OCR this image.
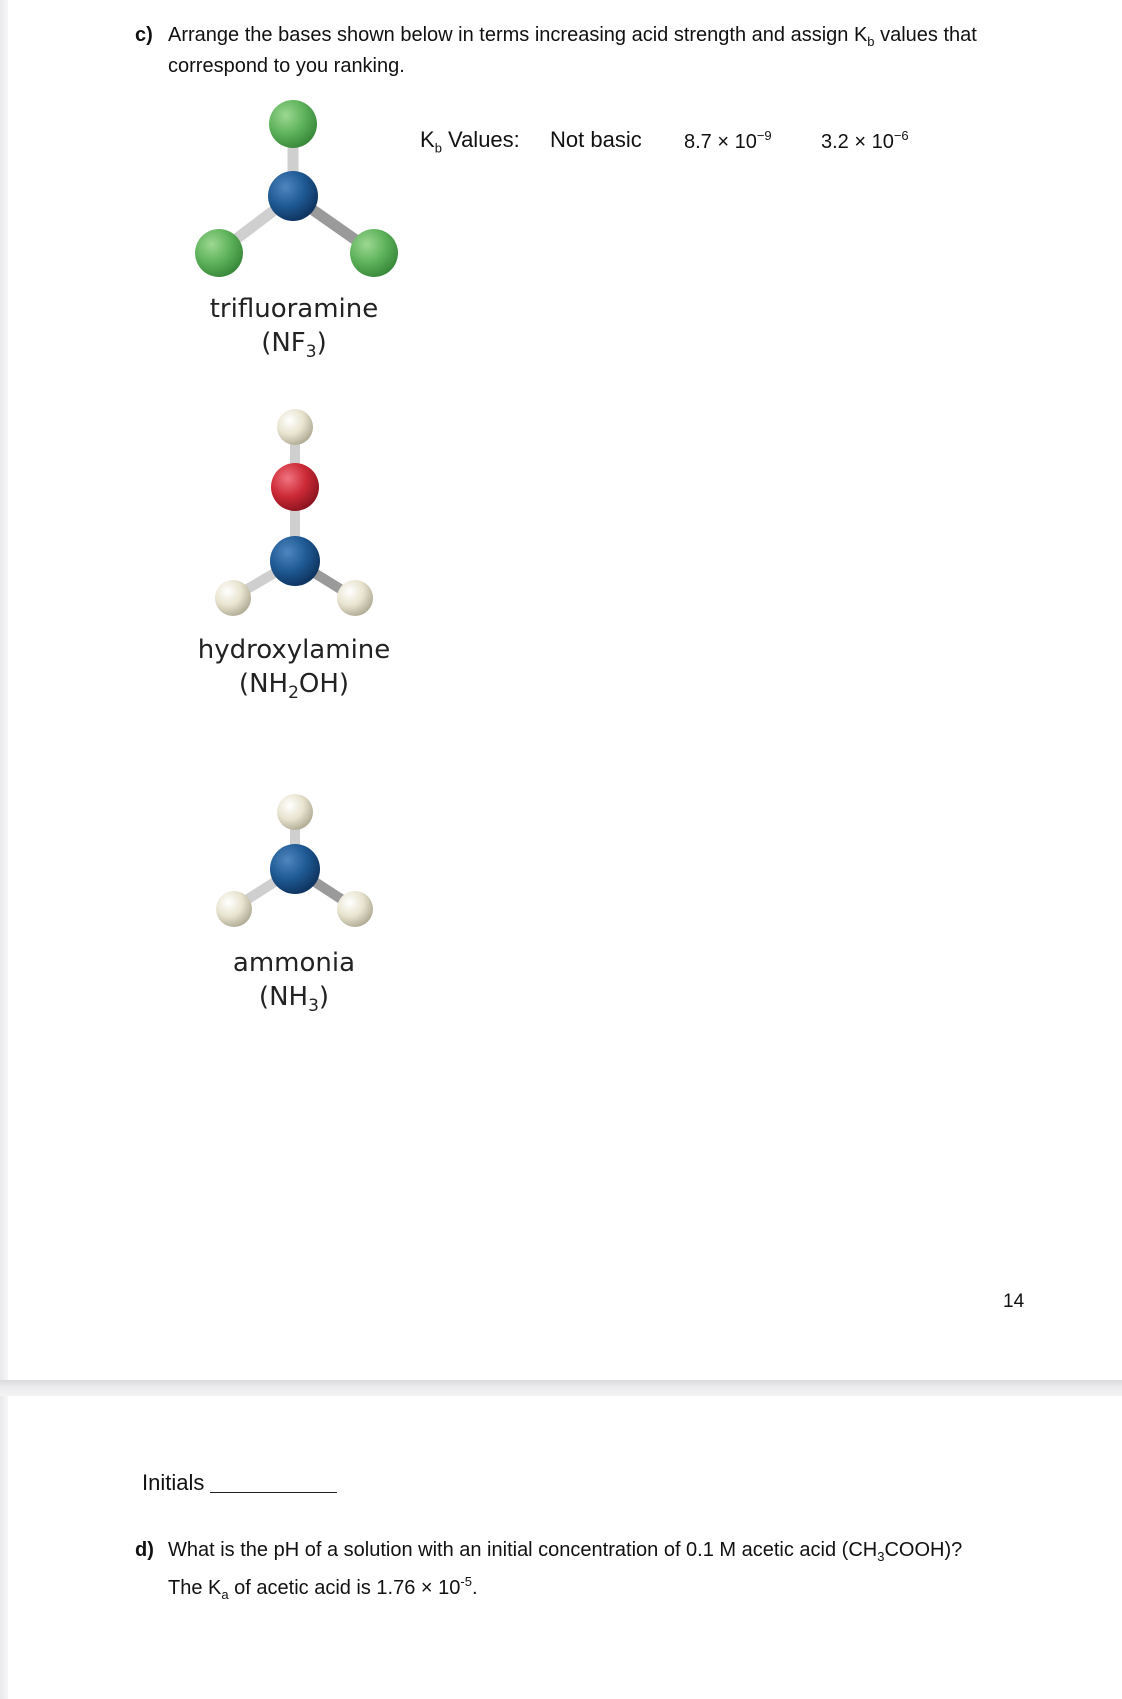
c) Arrange the bases shown below in terms increasing acid strength and assign $K_b$ values that
correspond to you ranking.
$K_b$ Values: Not basic $8.7 \times 10^{-9}$ $3.2 \times 10^{-6}$
trifluoramine
$(NF_3)$
hydroxylamine
$(NH_2OH)$
ammonia
$(NH_3)$
14
Initials
d) What is the pH of a solution with an initial concentration of 0.1 M acetic acid $(CH_3COOH)$?
The $K_a$ of acetic acid is $1.76 \times 10^{-5}$.
